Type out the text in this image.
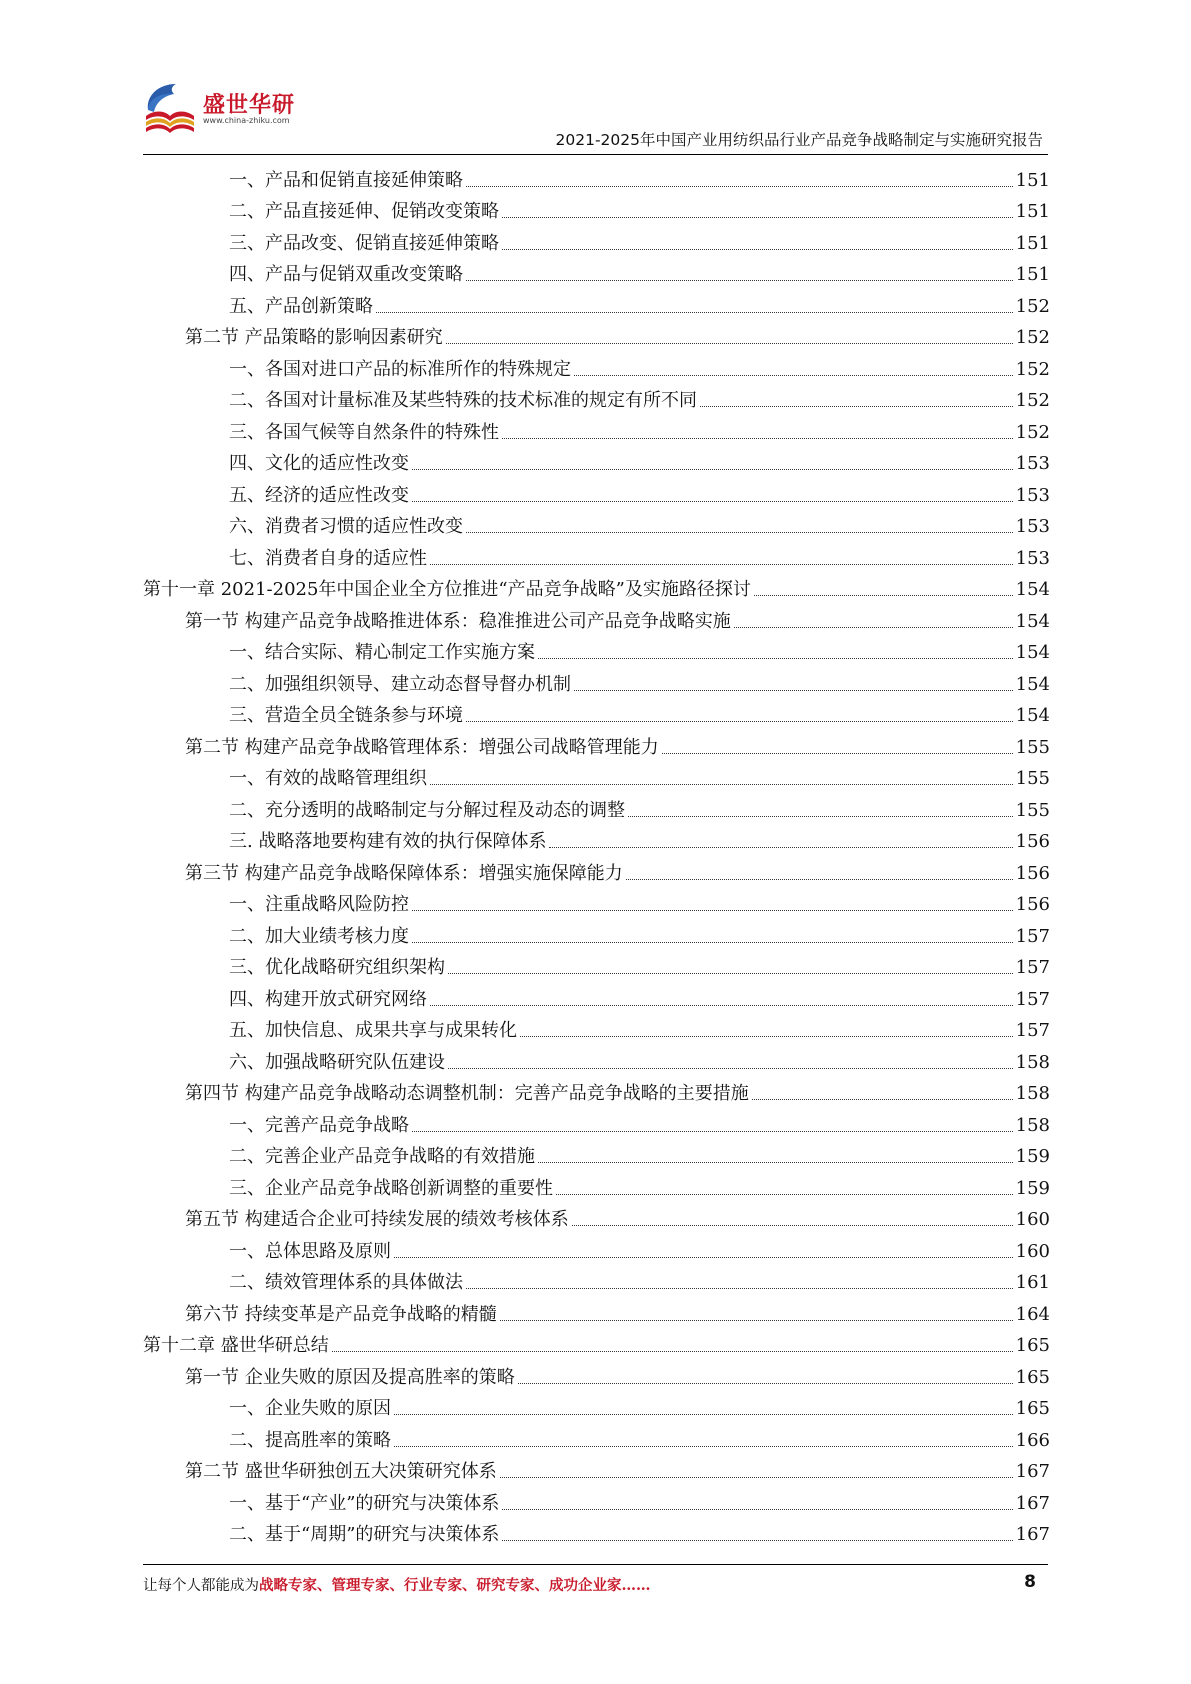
盛世华研
www.china-zhiku.com
2021-2025年中国产业用纺织品行业产品竞争战略制定与实施研究报告
一、产品和促销直接延伸策略	151
二、产品直接延伸、促销改变策略	151
三、产品改变、促销直接延伸策略	151
四、产品与促销双重改变策略	151
五、产品创新策略	152
第二节 产品策略的影响因素研究	152
一、各国对进口产品的标准所作的特殊规定	152
二、各国对计量标准及某些特殊的技术标准的规定有所不同	152
三、各国气候等自然条件的特殊性	152
四、文化的适应性改变	153
五、经济的适应性改变	153
六、消费者习惯的适应性改变	153
七、消费者自身的适应性	153
第十一章 2021-2025年中国企业全方位推进“产品竞争战略”及实施路径探讨	154
第一节 构建产品竞争战略推进体系：稳准推进公司产品竞争战略实施	154
一、结合实际、精心制定工作实施方案	154
二、加强组织领导、建立动态督导督办机制	154
三、营造全员全链条参与环境	154
第二节 构建产品竞争战略管理体系：增强公司战略管理能力	155
一、有效的战略管理组织	155
二、充分透明的战略制定与分解过程及动态的调整	155
三. 战略落地要构建有效的执行保障体系	156
第三节 构建产品竞争战略保障体系：增强实施保障能力	156
一、注重战略风险防控	156
二、加大业绩考核力度	157
三、优化战略研究组织架构	157
四、构建开放式研究网络	157
五、加快信息、成果共享与成果转化	157
六、加强战略研究队伍建设	158
第四节 构建产品竞争战略动态调整机制：完善产品竞争战略的主要措施	158
一、完善产品竞争战略	158
二、完善企业产品竞争战略的有效措施	159
三、企业产品竞争战略创新调整的重要性	159
第五节 构建适合企业可持续发展的绩效考核体系	160
一、总体思路及原则	160
二、绩效管理体系的具体做法	161
第六节 持续变革是产品竞争战略的精髓	164
第十二章 盛世华研总结	165
第一节 企业失败的原因及提高胜率的策略	165
一、企业失败的原因	165
二、提高胜率的策略	166
第二节 盛世华研独创五大决策研究体系	167
一、基于“产业”的研究与决策体系	167
二、基于“周期”的研究与决策体系	167
让每个人都能成为战略专家、管理专家、行业专家、研究专家、成功企业家……	8
